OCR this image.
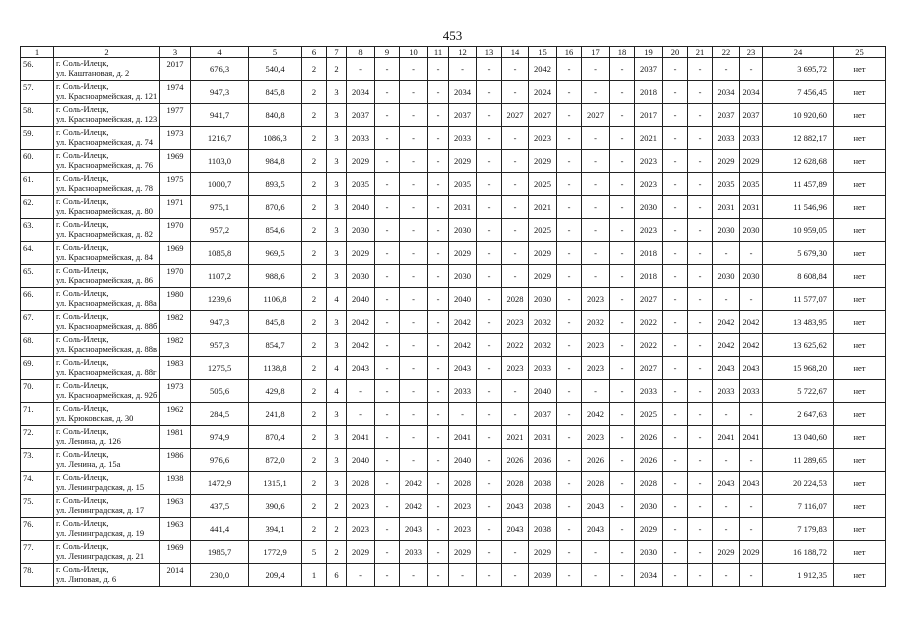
453
1	2	3	4	5	6	7	8	9	10	11	12	13	14	15	16	17	18	19	20	21	22	23	24	25
56.	г. Соль-Илецк,
ул. Каштановая, д. 2	2017	676,3	540,4	2	2	-	-	-	-	-	-	-	2042	-	-	-	2037	-	-	-	-	3 695,72	нет
57.	г. Соль-Илецк,
ул. Красноармейская, д. 121	1974	947,3	845,8	2	3	2034	-	-	-	2034	-	-	2024	-	-	-	2018	-	-	2034	2034	7 456,45	нет
58.	г. Соль-Илецк,
ул. Красноармейская, д. 123	1977	941,7	840,8	2	3	2037	-	-	-	2037	-	2027	2027	-	2027	-	2017	-	-	2037	2037	10 920,60	нет
59.	г. Соль-Илецк,
ул. Красноармейская, д. 74	1973	1216,7	1086,3	2	3	2033	-	-	-	2033	-	-	2023	-	-	-	2021	-	-	2033	2033	12 882,17	нет
60.	г. Соль-Илецк,
ул. Красноармейская, д. 76	1969	1103,0	984,8	2	3	2029	-	-	-	2029	-	-	2029	-	-	-	2023	-	-	2029	2029	12 628,68	нет
61.	г. Соль-Илецк,
ул. Красноармейская, д. 78	1975	1000,7	893,5	2	3	2035	-	-	-	2035	-	-	2025	-	-	-	2023	-	-	2035	2035	11 457,89	нет
62.	г. Соль-Илецк,
ул. Красноармейская, д. 80	1971	975,1	870,6	2	3	2040	-	-	-	2031	-	-	2021	-	-	-	2030	-	-	2031	2031	11 546,96	нет
63.	г. Соль-Илецк,
ул. Красноармейская, д. 82	1970	957,2	854,6	2	3	2030	-	-	-	2030	-	-	2025	-	-	-	2023	-	-	2030	2030	10 959,05	нет
64.	г. Соль-Илецк,
ул. Красноармейская, д. 84	1969	1085,8	969,5	2	3	2029	-	-	-	2029	-	-	2029	-	-	-	2018	-	-	-	-	5 679,30	нет
65.	г. Соль-Илецк,
ул. Красноармейская, д. 86	1970	1107,2	988,6	2	3	2030	-	-	-	2030	-	-	2029	-	-	-	2018	-	-	2030	2030	8 608,84	нет
66.	г. Соль-Илецк,
ул. Красноармейская, д. 88а	1980	1239,6	1106,8	2	4	2040	-	-	-	2040	-	2028	2030	-	2023	-	2027	-	-	-	-	11 577,07	нет
67.	г. Соль-Илецк,
ул. Красноармейская, д. 88б	1982	947,3	845,8	2	3	2042	-	-	-	2042	-	2023	2032	-	2032	-	2022	-	-	2042	2042	13 483,95	нет
68.	г. Соль-Илецк,
ул. Красноармейская, д. 88в	1982	957,3	854,7	2	3	2042	-	-	-	2042	-	2022	2032	-	2023	-	2022	-	-	2042	2042	13 625,62	нет
69.	г. Соль-Илецк,
ул. Красноармейская, д. 88г	1983	1275,5	1138,8	2	4	2043	-	-	-	2043	-	2023	2033	-	2023	-	2027	-	-	2043	2043	15 968,20	нет
70.	г. Соль-Илецк,
ул. Красноармейская, д. 92б	1973	505,6	429,8	2	4	-	-	-	-	2033	-	-	2040	-	-	-	2033	-	-	2033	2033	5 722,67	нет
71.	г. Соль-Илецк,
ул. Крюковская, д. 30	1962	284,5	241,8	2	3	-	-	-	-	-	-	-	2037	-	2042	-	2025	-	-	-	-	2 647,63	нет
72.	г. Соль-Илецк,
ул. Ленина, д. 126	1981	974,9	870,4	2	3	2041	-	-	-	2041	-	2021	2031	-	2023	-	2026	-	-	2041	2041	13 040,60	нет
73.	г. Соль-Илецк,
ул. Ленина, д. 15а	1986	976,6	872,0	2	3	2040	-	-	-	2040	-	2026	2036	-	2026	-	2026	-	-	-	-	11 289,65	нет
74.	г. Соль-Илецк,
ул. Ленинградская, д. 15	1938	1472,9	1315,1	2	3	2028	-	2042	-	2028	-	2028	2038	-	2028	-	2028	-	-	2043	2043	20 224,53	нет
75.	г. Соль-Илецк,
ул. Ленинградская, д. 17	1963	437,5	390,6	2	2	2023	-	2042	-	2023	-	2043	2038	-	2043	-	2030	-	-	-	-	7 116,07	нет
76.	г. Соль-Илецк,
ул. Ленинградская, д. 19	1963	441,4	394,1	2	2	2023	-	2043	-	2023	-	2043	2038	-	2043	-	2029	-	-	-	-	7 179,83	нет
77.	г. Соль-Илецк,
ул. Ленинградская, д. 21	1969	1985,7	1772,9	5	2	2029	-	2033	-	2029	-	-	2029	-	-	-	2030	-	-	2029	2029	16 188,72	нет
78.	г. Соль-Илецк,
ул. Липовая, д. 6	2014	230,0	209,4	1	6	-	-	-	-	-	-	-	2039	-	-	-	2034	-	-	-	-	1 912,35	нет
